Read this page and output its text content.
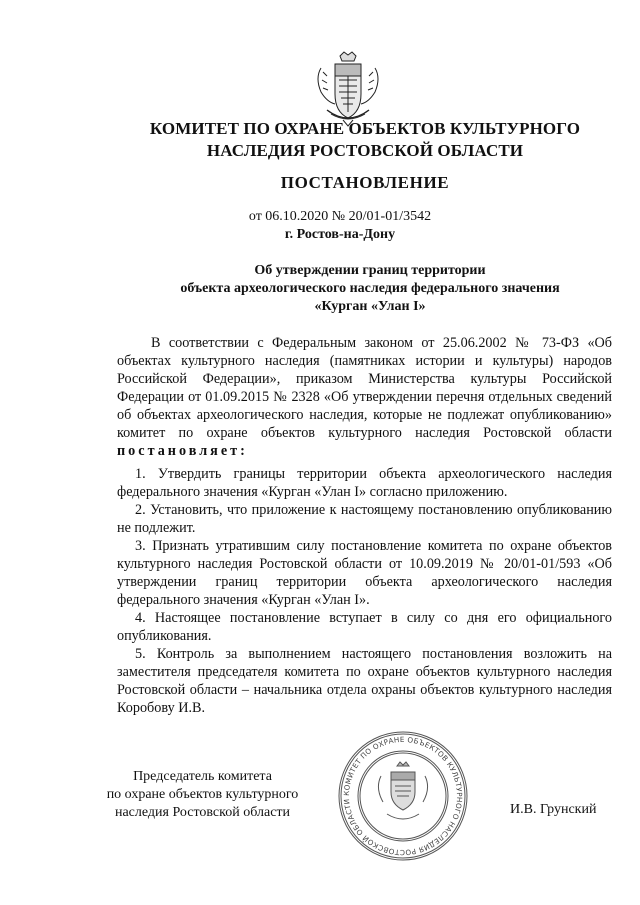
КОМИТЕТ ПО ОХРАНЕ ОБЪЕКТОВ КУЛЬТУРНОГО
НАСЛЕДИЯ РОСТОВСКОЙ ОБЛАСТИ
ПОСТАНОВЛЕНИЕ
от 06.10.2020 № 20/01-01/3542
г. Ростов-на-Дону
Об утверждении границ территории
объекта археологического наследия федерального значения
«Курган «Улан I»
В соответствии с Федеральным законом от 25.06.2002 № 73-ФЗ «Об объектах культурного наследия (памятниках истории и культуры) народов Российской Федерации», приказом Министерства культуры Российской Федерации от 01.09.2015 № 2328 «Об утверждении перечня отдельных сведений об объектах археологического наследия, которые не подлежат опубликованию» комитет по охране объектов культурного наследия Ростовской области постановляет:

1. Утвердить границы территории объекта археологического наследия федерального значения «Курган «Улан I» согласно приложению.

2. Установить, что приложение к настоящему постановлению опубликованию не подлежит.

3. Признать утратившим силу постановление комитета по охране объектов культурного наследия Ростовской области от 10.09.2019 № 20/01-01/593 «Об утверждении границ территории объекта археологического наследия федерального значения «Курган «Улан I».

4. Настоящее постановление вступает в силу со дня его официального опубликования.

5. Контроль за выполнением настоящего постановления возложить на заместителя председателя комитета по охране объектов культурного наследия Ростовской области – начальника отдела охраны объектов культурного наследия Коробову И.В.

Председатель комитета
по охране объектов культурного
наследия Ростовской области
КОМИТЕТ ПО ОХРАНЕ ОБЪЕКТОВ КУЛЬТУРНОГО НАСЛЕДИЯ РОСТОВСКОЙ ОБЛАСТИ
И.В. Грунский
